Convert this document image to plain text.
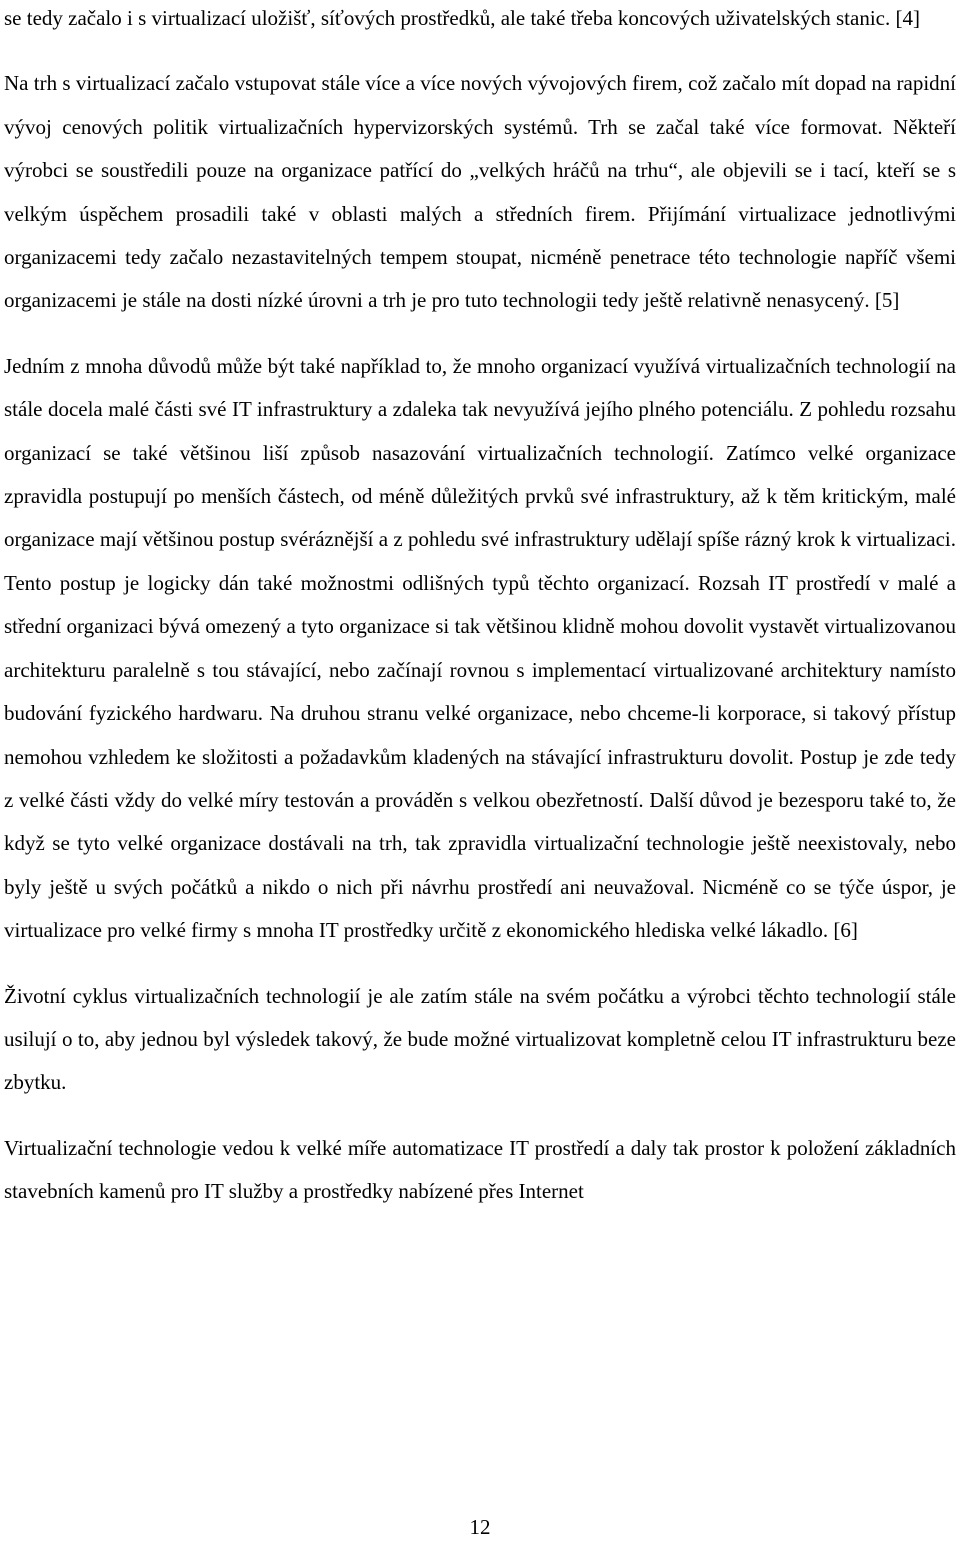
se tedy začalo i s virtualizací uložišť, síťových prostředků, ale také třeba koncových uživatelských stanic. [4]

Na trh s virtualizací začalo vstupovat stále více a více nových vývojových firem, což začalo mít dopad na rapidní vývoj cenových politik virtualizačních hypervizorských systémů. Trh se začal také více formovat. Někteří výrobci se soustředili pouze na organizace patřící do „velkých hráčů na trhu“, ale objevili se i tací, kteří se s velkým úspěchem prosadili také v oblasti malých a středních firem. Přijímání virtualizace jednotlivými organizacemi tedy začalo nezastavitelných tempem stoupat, nicméně penetrace této technologie napříč všemi organizacemi je stále na dosti nízké úrovni a trh je pro tuto technologii tedy ještě relativně nenasycený. [5]

Jedním z mnoha důvodů může být také například to, že mnoho organizací využívá virtualizačních technologií na stále docela malé části své IT infrastruktury a zdaleka tak nevyužívá jejího plného potenciálu. Z pohledu rozsahu organizací se také většinou liší způsob nasazování virtualizačních technologií. Zatímco velké organizace zpravidla postupují po menších částech, od méně důležitých prvků své infrastruktury, až k těm kritickým, malé organizace mají většinou postup svéráznější a z pohledu své infrastruktury udělají spíše rázný krok k virtualizaci. Tento postup je logicky dán také možnostmi odlišných typů těchto organizací. Rozsah IT prostředí v malé a střední organizaci bývá omezený a tyto organizace si tak většinou klidně mohou dovolit vystavět virtualizovanou architekturu paralelně s tou stávající, nebo začínají rovnou s implementací virtualizované architektury namísto budování fyzického hardwaru. Na druhou stranu velké organizace, nebo chceme-li korporace, si takový přístup nemohou vzhledem ke složitosti a požadavkům kladených na stávající infrastrukturu dovolit. Postup je zde tedy z velké části vždy do velké míry testován a prováděn s velkou obezřetností. Další důvod je bezesporu také to, že když se tyto velké organizace dostávali na trh, tak zpravidla virtualizační technologie ještě neexistovaly, nebo byly ještě u svých počátků a nikdo o nich při návrhu prostředí ani neuvažoval. Nicméně co se týče úspor, je virtualizace pro velké firmy s mnoha IT prostředky určitě z ekonomického hlediska velké lákadlo. [6]

Životní cyklus virtualizačních technologií je ale zatím stále na svém počátku a výrobci těchto technologií stále usilují o to, aby jednou byl výsledek takový, že bude možné virtualizovat kompletně celou IT infrastrukturu beze zbytku.

Virtualizační technologie vedou k velké míře automatizace IT prostředí a daly tak prostor k položení základních stavebních kamenů pro IT služby a prostředky nabízené přes Internet

12
